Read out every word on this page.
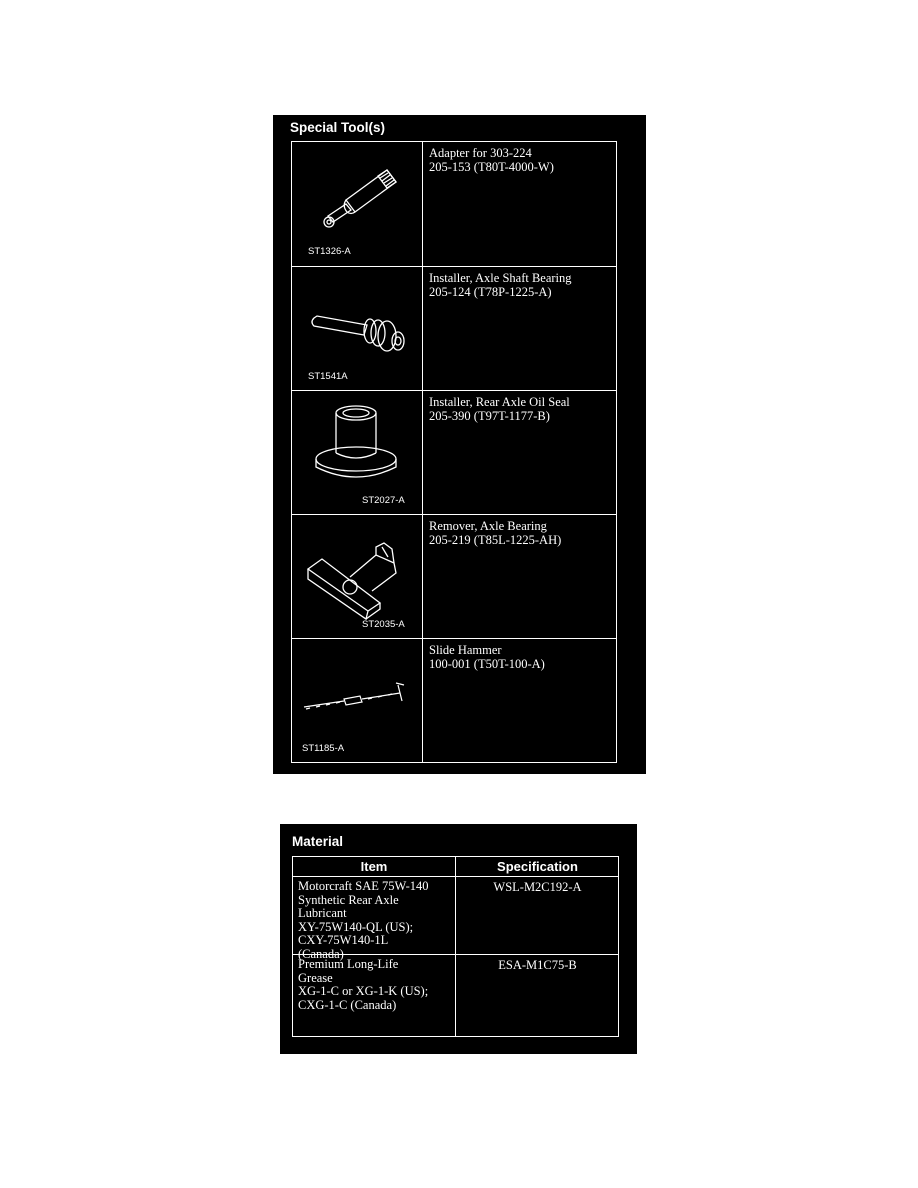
Special Tool(s)
ST1326-A
Adapter for 303-224
205-153 (T80T-4000-W)
ST1541A
Installer, Axle Shaft Bearing
205-124 (T78P-1225-A)
ST2027-A
Installer, Rear Axle Oil Seal
205-390 (T97T-1177-B)
ST2035-A
Remover, Axle Bearing
205-219 (T85L-1225-AH)
ST1185-A
Slide Hammer
100-001 (T50T-100-A)
Material
Item	Specification
Motorcraft SAE 75W-140
Synthetic Rear Axle
Lubricant
XY-75W140-QL (US);
CXY-75W140-1L
(Canada)
WSL-M2C192-A
Premium Long-Life
Grease
XG-1-C or XG-1-K (US);
CXG-1-C (Canada)
ESA-M1C75-B
